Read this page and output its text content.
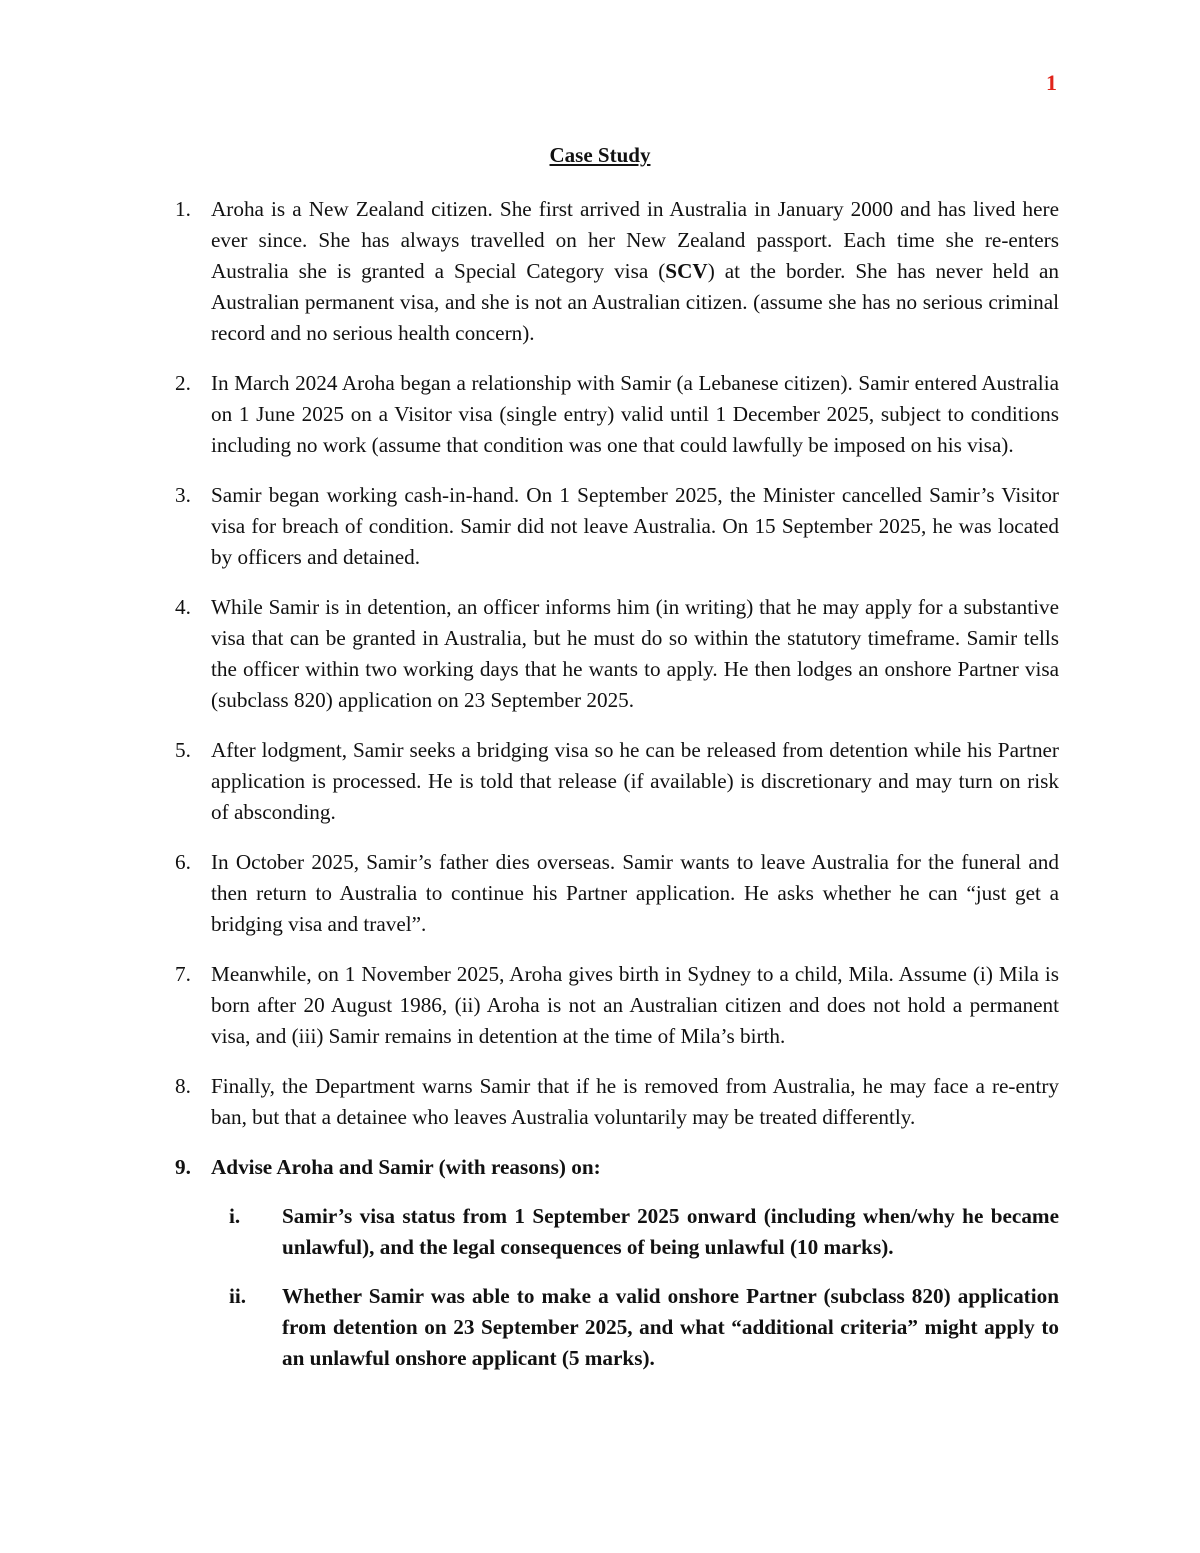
1
Case Study
1. Aroha is a New Zealand citizen. She first arrived in Australia in January 2000 and has lived here ever since. She has always travelled on her New Zealand passport. Each time she re-enters Australia she is granted a Special Category visa (SCV) at the border. She has never held an Australian permanent visa, and she is not an Australian citizen. (assume she has no serious criminal record and no serious health concern).
2. In March 2024 Aroha began a relationship with Samir (a Lebanese citizen). Samir entered Australia on 1 June 2025 on a Visitor visa (single entry) valid until 1 December 2025, subject to conditions including no work (assume that condition was one that could lawfully be imposed on his visa).
3. Samir began working cash-in-hand. On 1 September 2025, the Minister cancelled Samir’s Visitor visa for breach of condition. Samir did not leave Australia. On 15 September 2025, he was located by officers and detained.
4. While Samir is in detention, an officer informs him (in writing) that he may apply for a substantive visa that can be granted in Australia, but he must do so within the statutory timeframe. Samir tells the officer within two working days that he wants to apply. He then lodges an onshore Partner visa (subclass 820) application on 23 September 2025.
5. After lodgment, Samir seeks a bridging visa so he can be released from detention while his Partner application is processed. He is told that release (if available) is discretionary and may turn on risk of absconding.
6. In October 2025, Samir’s father dies overseas. Samir wants to leave Australia for the funeral and then return to Australia to continue his Partner application. He asks whether he can “just get a bridging visa and travel”.
7. Meanwhile, on 1 November 2025, Aroha gives birth in Sydney to a child, Mila. Assume (i) Mila is born after 20 August 1986, (ii) Aroha is not an Australian citizen and does not hold a permanent visa, and (iii) Samir remains in detention at the time of Mila’s birth.
8. Finally, the Department warns Samir that if he is removed from Australia, he may face a re-entry ban, but that a detainee who leaves Australia voluntarily may be treated differently.
9. Advise Aroha and Samir (with reasons) on:
i. Samir’s visa status from 1 September 2025 onward (including when/why he became unlawful), and the legal consequences of being unlawful (10 marks).
ii. Whether Samir was able to make a valid onshore Partner (subclass 820) application from detention on 23 September 2025, and what “additional criteria” might apply to an unlawful onshore applicant (5 marks).
